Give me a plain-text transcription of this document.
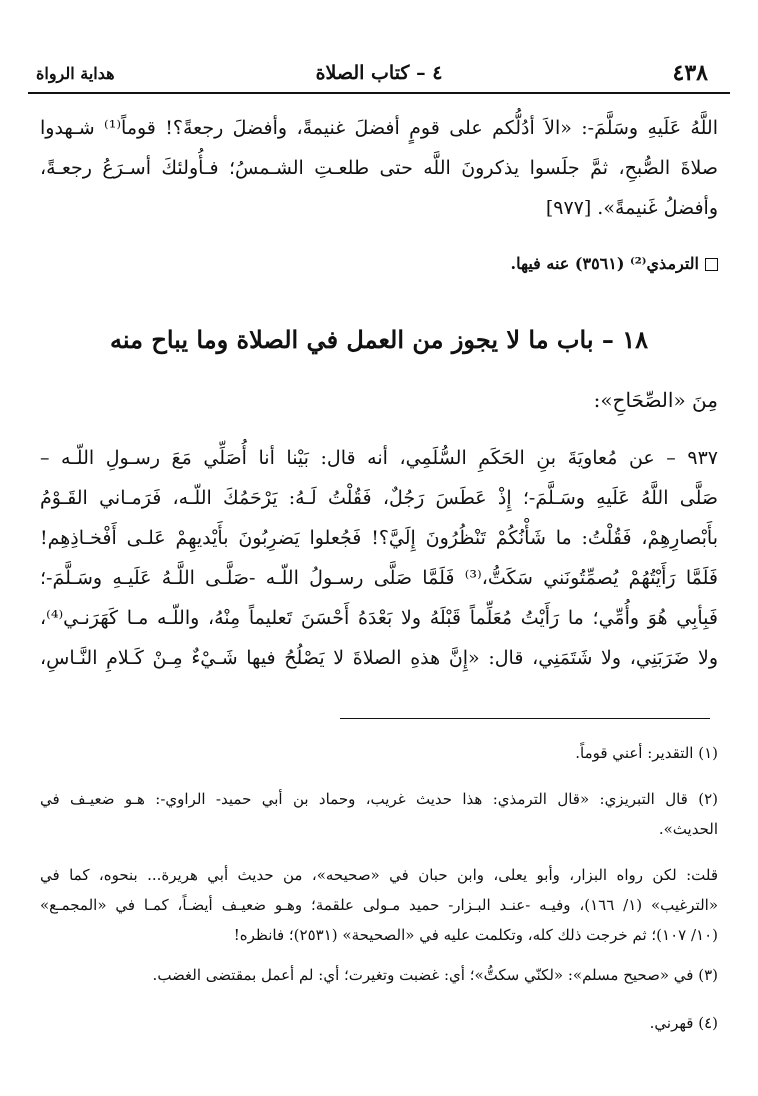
٤٣٨
٤ – كتاب الصلاة
هداية الرواة
اللَّهُ عَلَيهِ وسَلَّمَ-: «الاَ أدُلُّكم على قومٍ أفضلَ غنيمةً، وأفضلَ رجعةً؟! قوماً⁽¹⁾ شـهدوا
صلاةَ الصُّبحِ، ثمَّ جلَسوا يذكرونَ اللَّه حتى طلعـتِ الشـمسُ؛ فـأُولئكَ أسـرَعُ رجعـةً،
وأفضلُ غَنيمةً». [٩٧٧]
الترمذي⁽²⁾ (٣٥٦١) عنه فيها.
١٨ – باب ما لا يجوز من العمل في الصلاة وما يباح منه
مِنَ «الصِّحَاحِ»:
٩٣٧ – عن مُعاويَةَ بنِ الحَكَمِ السُّلَمِي، أنه قال: بَيْنا أنا أُصَلِّي مَعَ رسـولِ اللّـه –
صَلَّى اللَّهُ عَلَيهِ وسَـلَّمَ-؛ إِذْ عَطَسَ رَجُلٌ، فَقُلْتُ لَـهُ: يَرْحَمُكَ اللّـه، فَرَمـاني القَـوْمُ
بأَبْصارِهِمْ، فَقُلْتُ: ما شَأْنُكُمْ تَنْظُرُونَ إِلَيَّ؟! فَجُعلوا يَضرِبُونَ بأَيْديهِمْ عَلـى أَفْخـاذِهِم!
فَلَمَّا رَأَيْتُهُمْ يُصمِّتُونَني سَكَتُّ،⁽³⁾ فَلَمَّا صَلَّى رسـولُ اللّـه -صَلَّـى اللَّـهُ عَلَيـهِ وسَـلَّمَ-؛
فَبِأبِي هُوَ وأُمِّي؛ ما رَأَيْتُ مُعَلِّماً قَبْلَهُ ولا بَعْدَهُ أَحْسَنَ تَعليماً مِنْهُ، واللّـه مـا كَهَرَنـي⁽⁴⁾،
ولا ضَرَبَنِي، ولا شَتَمَنِي، قال: «إِنَّ هذهِ الصلاةَ لا يَصْلُحُ فيها شَـيْءٌ مِـنْ كَـلامِ النَّـاسِ،
(١) التقدير: أعني قوماً.
(٢) قال التبريزي: «قال الترمذي: هذا حديث غريب، وحماد بن أبي حميد- الراوي-: هـو ضعيـف في
الحديث».
قلت: لكن رواه البزار، وأبو يعلى، وابن حبان في «صحيحه»، من حديث أبي هريرة... بنحوه، كما في
«الترغيب» (١/ ١٦٦)، وفيـه -عنـد البـزار- حميد مـولى علقمة؛ وهـو ضعيـف أيضـاً، كمـا في «المجمـع»
(١٠/ ١٠٧)؛ ثم خرجت ذلك كله، وتكلمت عليه في «الصحيحة» (٢٥٣١)؛ فانظره!
(٣) في «صحيح مسلم»: «لكنّي سكتُّ»؛ أي: غضبت وتغيرت؛ أي: لم أعمل بمقتضى الغضب.
(٤) قهرني.
